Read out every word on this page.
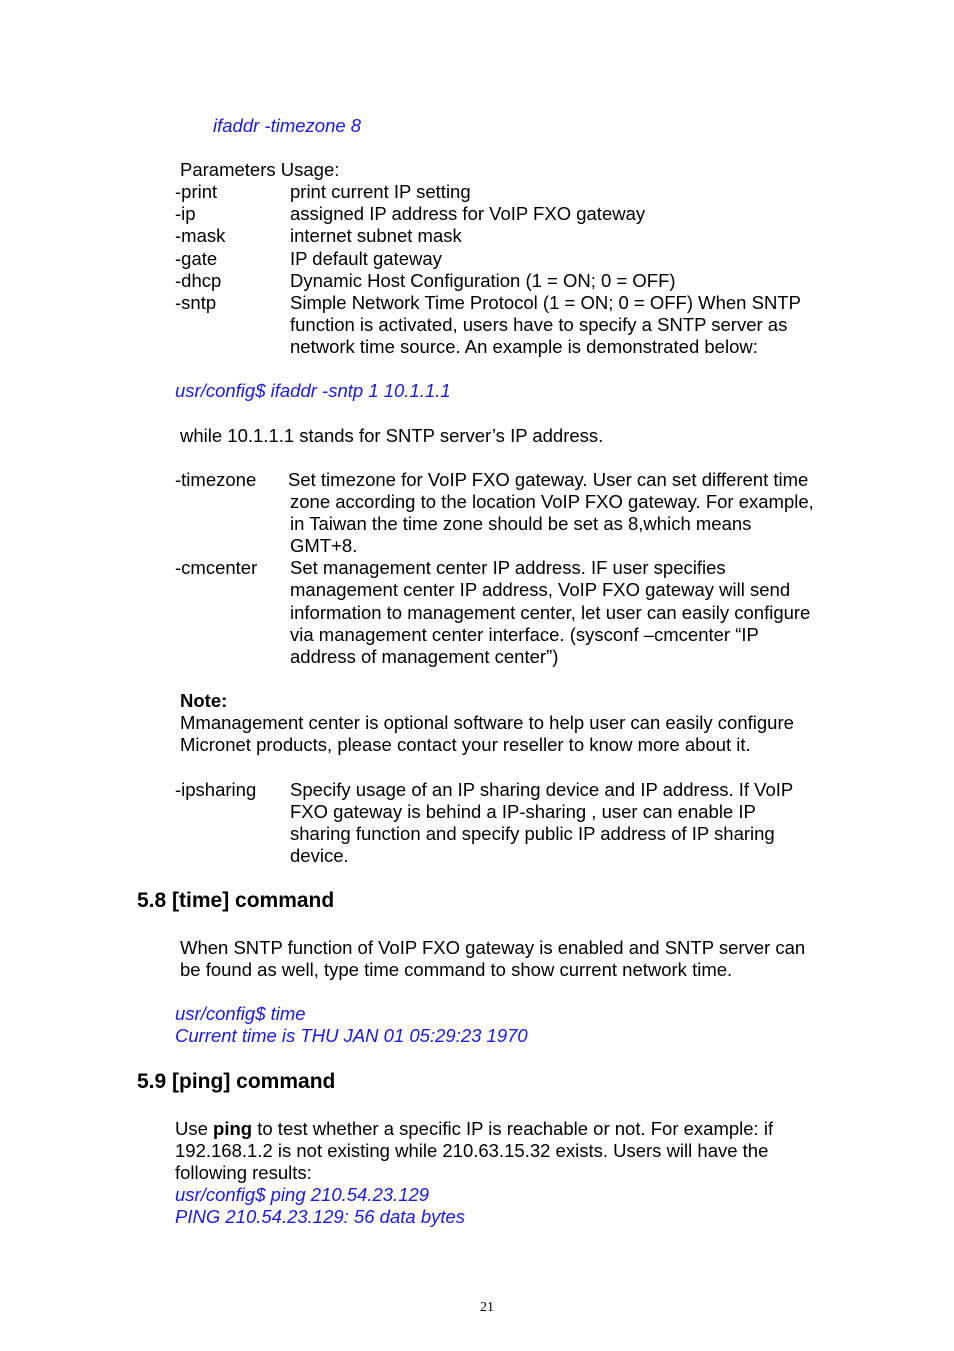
ifaddr -timezone 8
Parameters Usage:
-print	print current IP setting
-ip	assigned IP address for VoIP FXO gateway
-mask	internet subnet mask
-gate	IP default gateway
-dhcp	Dynamic Host Configuration (1 = ON; 0 = OFF)
-sntp	Simple Network Time Protocol (1 = ON; 0 = OFF) When SNTP
function is activated, users have to specify a SNTP server as
network time source. An example is demonstrated below:
usr/config$ ifaddr -sntp 1 10.1.1.1
while 10.1.1.1 stands for SNTP server’s IP address.
-timezone Set timezone for VoIP FXO gateway. User can set different time
zone according to the location VoIP FXO gateway. For example,
in Taiwan the time zone should be set as 8,which means
GMT+8.
-cmcenter Set management center IP address. IF user specifies
management center IP address, VoIP FXO gateway will send
information to management center, let user can easily configure
via management center interface. (sysconf –cmcenter “IP
address of management center”)
Note:
Mmanagement center is optional software to help user can easily configure
Micronet products, please contact your reseller to know more about it.
-ipsharing Specify usage of an IP sharing device and IP address. If VoIP
FXO gateway is behind a IP-sharing , user can enable IP
sharing function and specify public IP address of IP sharing
device.
5.8 [time] command
When SNTP function of VoIP FXO gateway is enabled and SNTP server can
be found as well, type time command to show current network time.
usr/config$ time
Current time is THU JAN 01 05:29:23 1970
5.9 [ping] command
Use ping to test whether a specific IP is reachable or not. For example: if
192.168.1.2 is not existing while 210.63.15.32 exists. Users will have the
following results:
usr/config$ ping 210.54.23.129
PING 210.54.23.129: 56 data bytes
21
